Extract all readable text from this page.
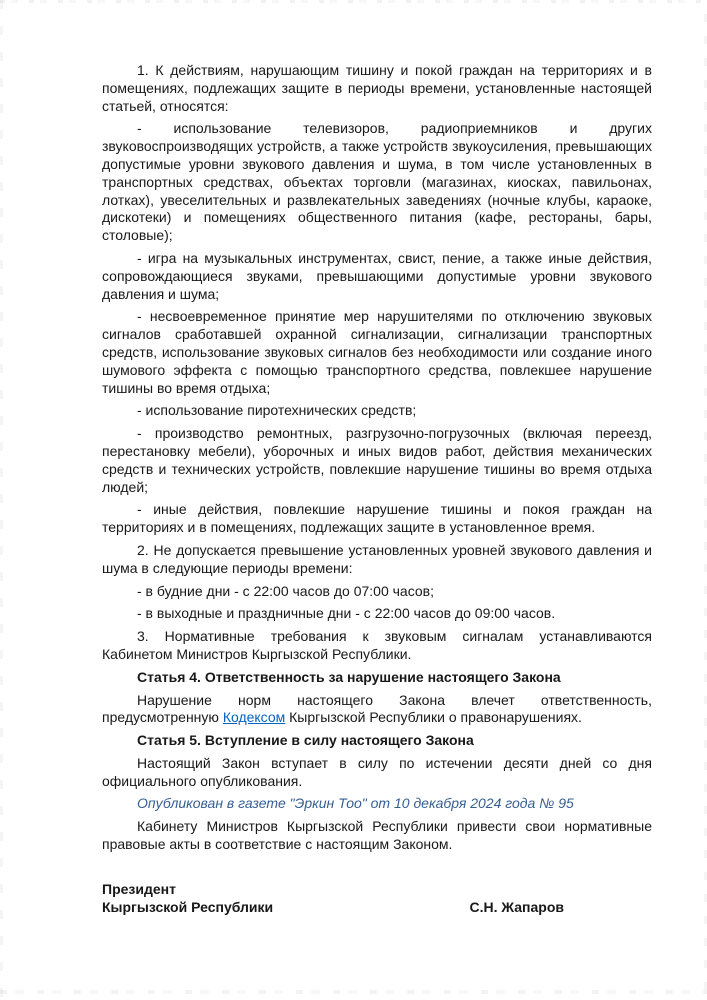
1. К действиям, нарушающим тишину и покой граждан на территориях и в помещениях, подлежащих защите в периоды времени, установленные настоящей статьей, относятся:

- использование телевизоров, радиоприемников и других звуковоспроизводящих устройств, а также устройств звукоусиления, превышающих допустимые уровни звукового давления и шума, в том числе установленных в транспортных средствах, объектах торговли (магазинах, киосках, павильонах, лотках), увеселительных и развлекательных заведениях (ночные клубы, караоке, дискотеки) и помещениях общественного питания (кафе, рестораны, бары, столовые);

- игра на музыкальных инструментах, свист, пение, а также иные действия, сопровождающиеся звуками, превышающими допустимые уровни звукового давления и шума;

- несвоевременное принятие мер нарушителями по отключению звуковых сигналов сработавшей охранной сигнализации, сигнализации транспортных средств, использование звуковых сигналов без необходимости или создание иного шумового эффекта с помощью транспортного средства, повлекшее нарушение тишины во время отдыха;

- использование пиротехнических средств;

- производство ремонтных, разгрузочно-погрузочных (включая переезд, перестановку мебели), уборочных и иных видов работ, действия механических средств и технических устройств, повлекшие нарушение тишины во время отдыха людей;

- иные действия, повлекшие нарушение тишины и покоя граждан на территориях и в помещениях, подлежащих защите в установленное время.

2. Не допускается превышение установленных уровней звукового давления и шума в следующие периоды времени:

- в будние дни - с 22:00 часов до 07:00 часов;

- в выходные и праздничные дни - с 22:00 часов до 09:00 часов.

3. Нормативные требования к звуковым сигналам устанавливаются Кабинетом Министров Кыргызской Республики.

Статья 4. Ответственность за нарушение настоящего Закона

Нарушение норм настоящего Закона влечет ответственность, предусмотренную Кодексом Кыргызской Республики о правонарушениях.

Статья 5. Вступление в силу настоящего Закона

Настоящий Закон вступает в силу по истечении десяти дней со дня официального опубликования.

Опубликован в газете "Эркин Тоо" от 10 декабря 2024 года № 95

Кабинету Министров Кыргызской Республики привести свои нормативные правовые акты в соответствие с настоящим Законом.

Президент
Кыргызской Республики	С.Н. Жапаров
